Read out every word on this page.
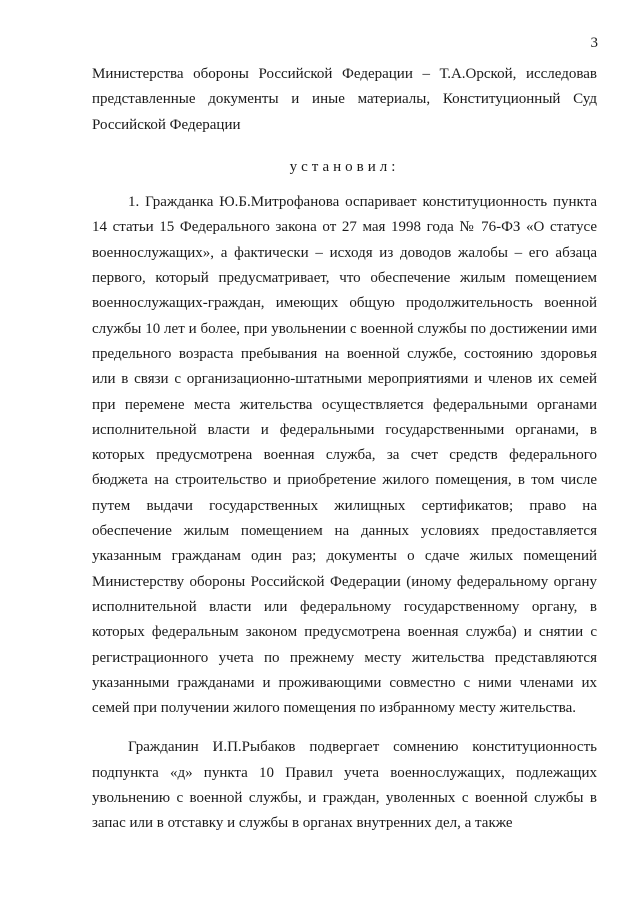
3

Министерства обороны Российской Федерации – Т.А.Орской, исследовав представленные документы и иные материалы, Конституционный Суд Российской Федерации

установил:

1. Гражданка Ю.Б.Митрофанова оспаривает конституционность пункта 14 статьи 15 Федерального закона от 27 мая 1998 года № 76-ФЗ «О статусе военнослужащих», а фактически – исходя из доводов жалобы – его абзаца первого, который предусматривает, что обеспечение жилым помещением военнослужащих-граждан, имеющих общую продолжительность военной службы 10 лет и более, при увольнении с военной службы по достижении ими предельного возраста пребывания на военной службе, состоянию здоровья или в связи с организационно-штатными мероприятиями и членов их семей при перемене места жительства осуществляется федеральными органами исполнительной власти и федеральными государственными органами, в которых предусмотрена военная служба, за счет средств федерального бюджета на строительство и приобретение жилого помещения, в том числе путем выдачи государственных жилищных сертификатов; право на обеспечение жилым помещением на данных условиях предоставляется указанным гражданам один раз; документы о сдаче жилых помещений Министерству обороны Российской Федерации (иному федеральному органу исполнительной власти или федеральному государственному органу, в которых федеральным законом предусмотрена военная служба) и снятии с регистрационного учета по прежнему месту жительства представляются указанными гражданами и проживающими совместно с ними членами их семей при получении жилого помещения по избранному месту жительства.

Гражданин И.П.Рыбаков подвергает сомнению конституционность подпункта «д» пункта 10 Правил учета военнослужащих, подлежащих увольнению с военной службы, и граждан, уволенных с военной службы в запас или в отставку и службы в органах внутренних дел, а также
